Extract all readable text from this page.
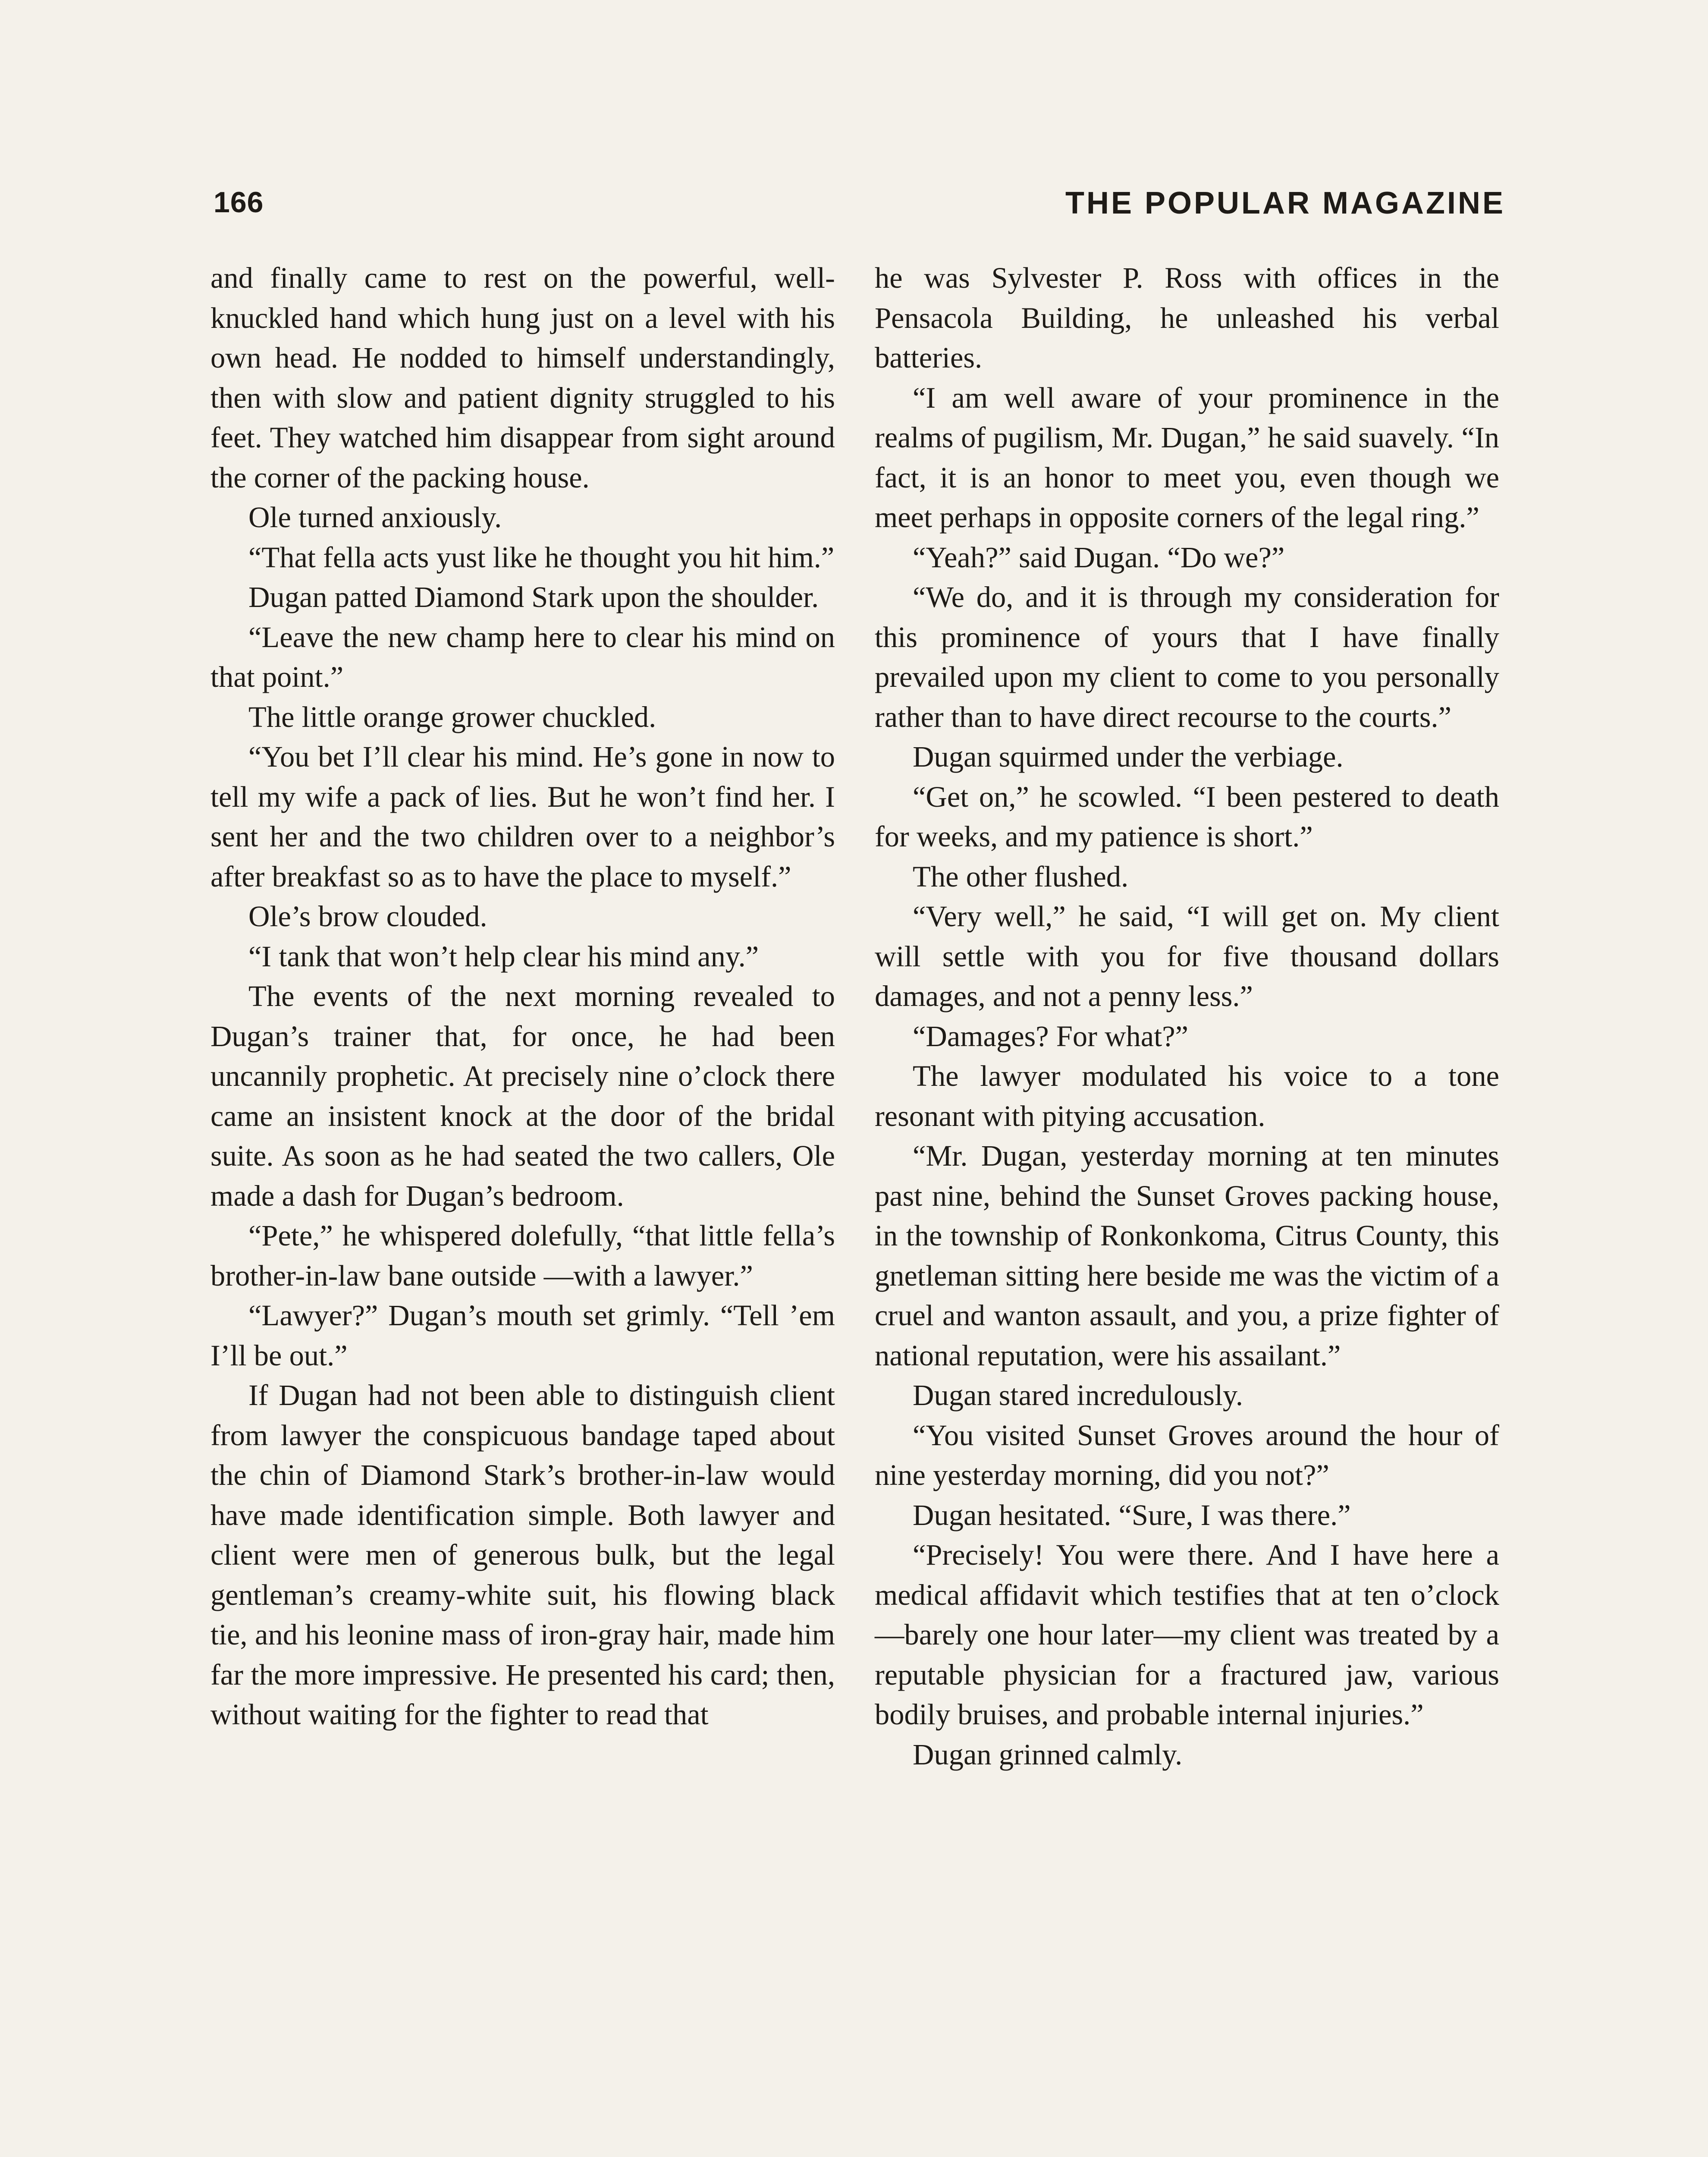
166	THE POPULAR MAGAZINE

and finally came to rest on the powerful, well-knuckled hand which hung just on a level with his own head. He nodded to himself understandingly, then with slow and patient dignity struggled to his feet. They watched him disappear from sight around the corner of the packing house.

Ole turned anxiously.

“That fella acts yust like he thought you hit him.”

Dugan patted Diamond Stark upon the shoulder.

“Leave the new champ here to clear his mind on that point.”

The little orange grower chuckled.

“You bet I’ll clear his mind. He’s gone in now to tell my wife a pack of lies. But he won’t find her. I sent her and the two children over to a neighbor’s after breakfast so as to have the place to myself.”

Ole’s brow clouded.

“I tank that won’t help clear his mind any.”

The events of the next morning revealed to Dugan’s trainer that, for once, he had been uncannily prophetic. At precisely nine o’clock there came an insistent knock at the door of the bridal suite. As soon as he had seated the two callers, Ole made a dash for Dugan’s bedroom.

“Pete,” he whispered dolefully, “that little fella’s brother-in-law bane outside —with a lawyer.”

“Lawyer?” Dugan’s mouth set grimly. “Tell ’em I’ll be out.”

If Dugan had not been able to distinguish client from lawyer the conspicuous bandage taped about the chin of Diamond Stark’s brother-in-law would have made identification simple. Both lawyer and client were men of generous bulk, but the legal gentleman’s creamy-white suit, his flowing black tie, and his leonine mass of iron-gray hair, made him far the more impressive. He presented his card; then, without waiting for the fighter to read that

he was Sylvester P. Ross with offices in the Pensacola Building, he unleashed his verbal batteries.

“I am well aware of your prominence in the realms of pugilism, Mr. Dugan,” he said suavely. “In fact, it is an honor to meet you, even though we meet perhaps in opposite corners of the legal ring.”

“Yeah?” said Dugan. “Do we?”

“We do, and it is through my consideration for this prominence of yours that I have finally prevailed upon my client to come to you personally rather than to have direct recourse to the courts.”

Dugan squirmed under the verbiage.

“Get on,” he scowled. “I been pestered to death for weeks, and my patience is short.”

The other flushed.

“Very well,” he said, “I will get on. My client will settle with you for five thousand dollars damages, and not a penny less.”

“Damages? For what?”

The lawyer modulated his voice to a tone resonant with pitying accusation.

“Mr. Dugan, yesterday morning at ten minutes past nine, behind the Sunset Groves packing house, in the township of Ronkonkoma, Citrus County, this gnetleman sitting here beside me was the victim of a cruel and wanton assault, and you, a prize fighter of national reputation, were his assailant.”

Dugan stared incredulously.

“You visited Sunset Groves around the hour of nine yesterday morning, did you not?”

Dugan hesitated. “Sure, I was there.”

“Precisely! You were there. And I have here a medical affidavit which testifies that at ten o’clock—barely one hour later—my client was treated by a reputable physician for a fractured jaw, various bodily bruises, and probable internal injuries.”

Dugan grinned calmly.
